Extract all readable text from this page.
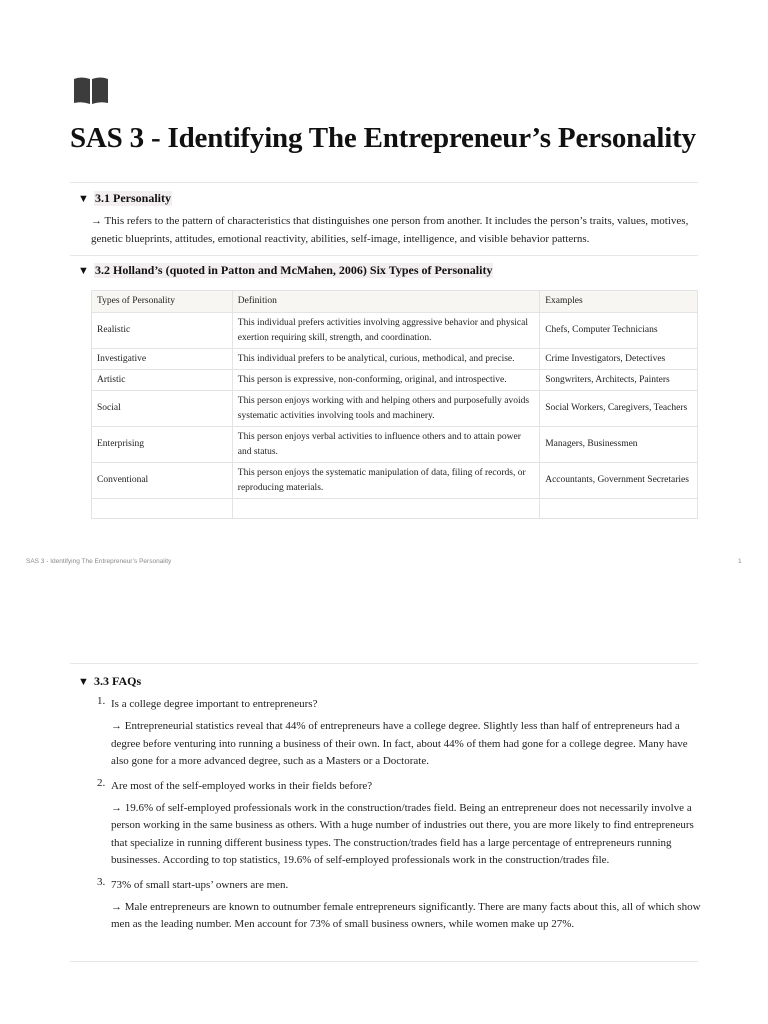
SAS 3 - Identifying The Entrepreneur’s Personality
▼ 3.1 Personality
→ This refers to the pattern of characteristics that distinguishes one person from another. It includes the person’s traits, values, motives, genetic blueprints, attitudes, emotional reactivity, abilities, self-image, intelligence, and visible behavior patterns.
▼ 3.2 Holland’s (quoted in Patton and McMahen, 2006) Six Types of Personality
Types of Personality	Definition	Examples
Realistic	This individual prefers activities involving aggressive behavior and physical exertion requiring skill, strength, and coordination.	Chefs, Computer Technicians
Investigative	This individual prefers to be analytical, curious, methodical, and precise.	Crime Investigators, Detectives
Artistic	This person is expressive, non-conforming, original, and introspective.	Songwriters, Architects, Painters
Social	This person enjoys working with and helping others and purposefully avoids systematic activities involving tools and machinery.	Social Workers, Caregivers, Teachers
Enterprising	This person enjoys verbal activities to influence others and to attain power and status.	Managers, Businessmen
Conventional	This person enjoys the systematic manipulation of data, filing of records, or reproducing materials.	Accountants, Government Secretaries

SAS 3 - Identifying The Entrepreneur’s Personality	1
▼ 3.3 FAQs
1. Is a college degree important to entrepreneurs?
→ Entrepreneurial statistics reveal that 44% of entrepreneurs have a college degree. Slightly less than half of entrepreneurs had a degree before venturing into running a business of their own. In fact, about 44% of them had gone for a college degree. Many have also gone for a more advanced degree, such as a Masters or a Doctorate.
2. Are most of the self-employed works in their fields before?
→ 19.6% of self-employed professionals work in the construction/trades field. Being an entrepreneur does not necessarily involve a person working in the same business as others. With a huge number of industries out there, you are more likely to find entrepreneurs that specialize in running different business types. The construction/trades field has a large percentage of entrepreneurs running businesses. According to top statistics, 19.6% of self-employed professionals work in the construction/trades file.
3. 73% of small start-ups’ owners are men.
→ Male entrepreneurs are known to outnumber female entrepreneurs significantly. There are many facts about this, all of which show men as the leading number. Men account for 73% of small business owners, while women make up 27%.
